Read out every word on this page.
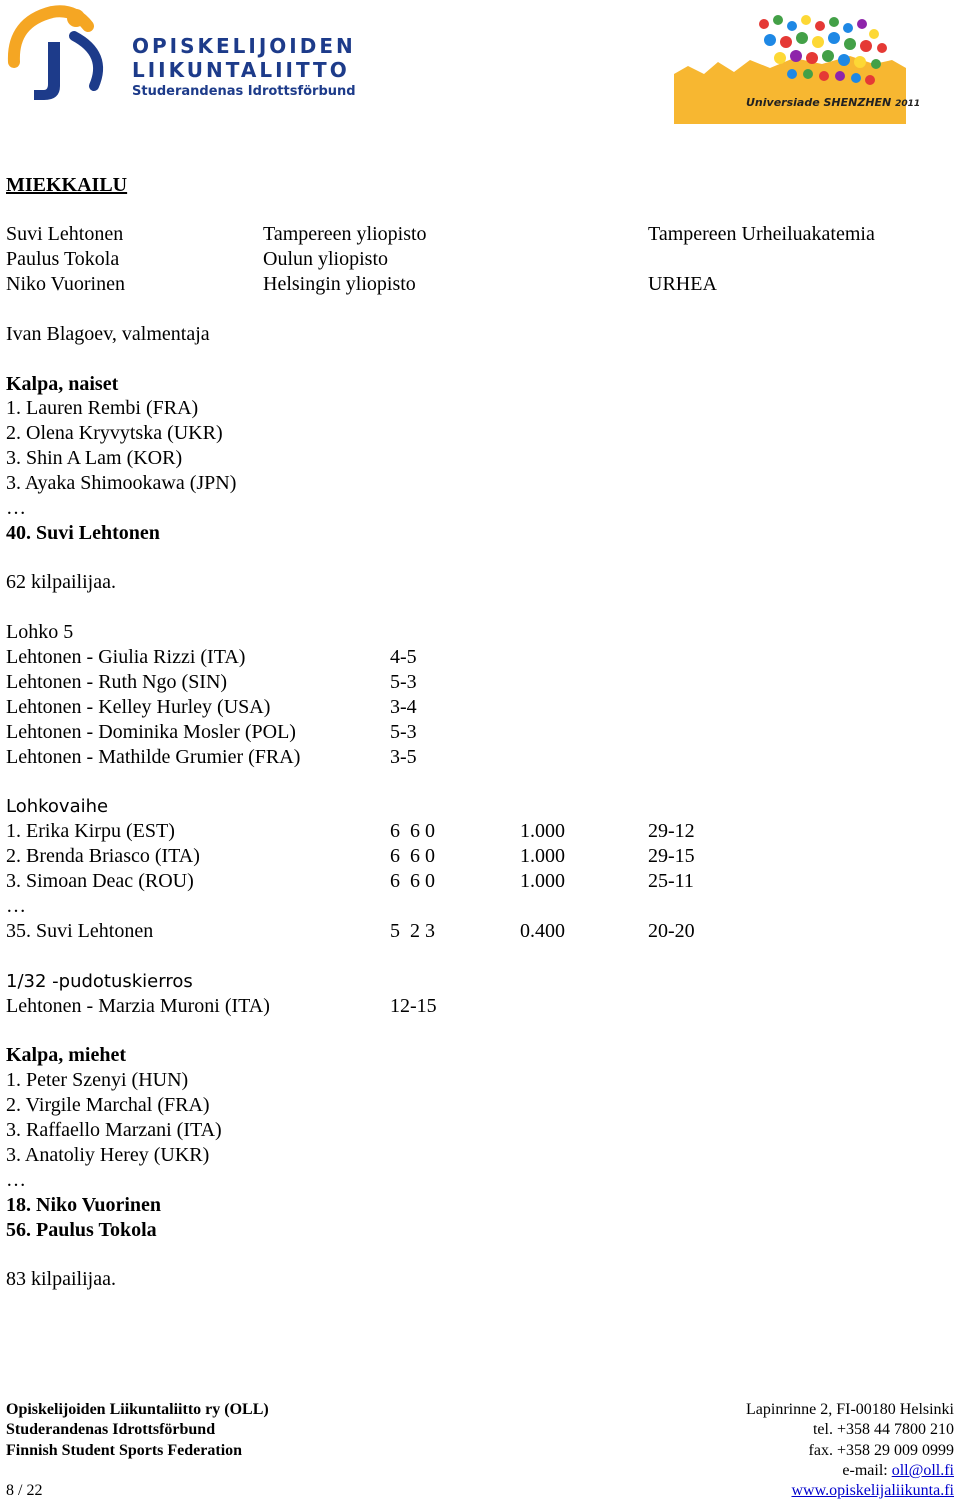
OPISKELIJOIDEN
LIIKUNTALIITTO
Studerandenas Idrottsförbund
Universiade SHENZHEN 2011
MIEKKAILU
Suvi Lehtonen	Tampereen yliopisto	Tampereen Urheiluakatemia
Paulus Tokola	Oulun yliopisto
Niko Vuorinen	Helsingin yliopisto	URHEA
Ivan Blagoev, valmentaja
Kalpa, naiset
1. Lauren Rembi (FRA)
2. Olena Kryvytska (UKR)
3. Shin A Lam (KOR)
3. Ayaka Shimookawa (JPN)
…
40. Suvi Lehtonen
62 kilpailijaa.
Lohko 5
Lehtonen - Giulia Rizzi (ITA)	4-5
Lehtonen - Ruth Ngo (SIN)	5-3
Lehtonen - Kelley Hurley (USA)	3-4
Lehtonen - Dominika Mosler (POL)	5-3
Lehtonen - Mathilde Grumier (FRA)	3-5
Lohkovaihe
1. Erika Kirpu (EST)	6  6 0	1.000	29-12
2. Brenda Briasco (ITA)	6  6 0	1.000	29-15
3. Simoan Deac (ROU)	6  6 0	1.000	25-11
…
35. Suvi Lehtonen	5  2 3	0.400	20-20
1/32 -pudotuskierros
Lehtonen - Marzia Muroni (ITA)	12-15
Kalpa, miehet
1. Peter Szenyi (HUN)
2. Virgile Marchal (FRA)
3. Raffaello Marzani (ITA)
3. Anatoliy Herey (UKR)
…
18. Niko Vuorinen
56. Paulus Tokola
83 kilpailijaa.
Opiskelijoiden Liikuntaliitto ry (OLL)
Studerandenas Idrottsförbund
Finnish Student Sports Federation
8 / 22
Lapinrinne 2, FI-00180 Helsinki
tel. +358 44 7800 210
fax. +358 29 009 0999
e-mail: oll@oll.fi
www.opiskelijaliikunta.fi
